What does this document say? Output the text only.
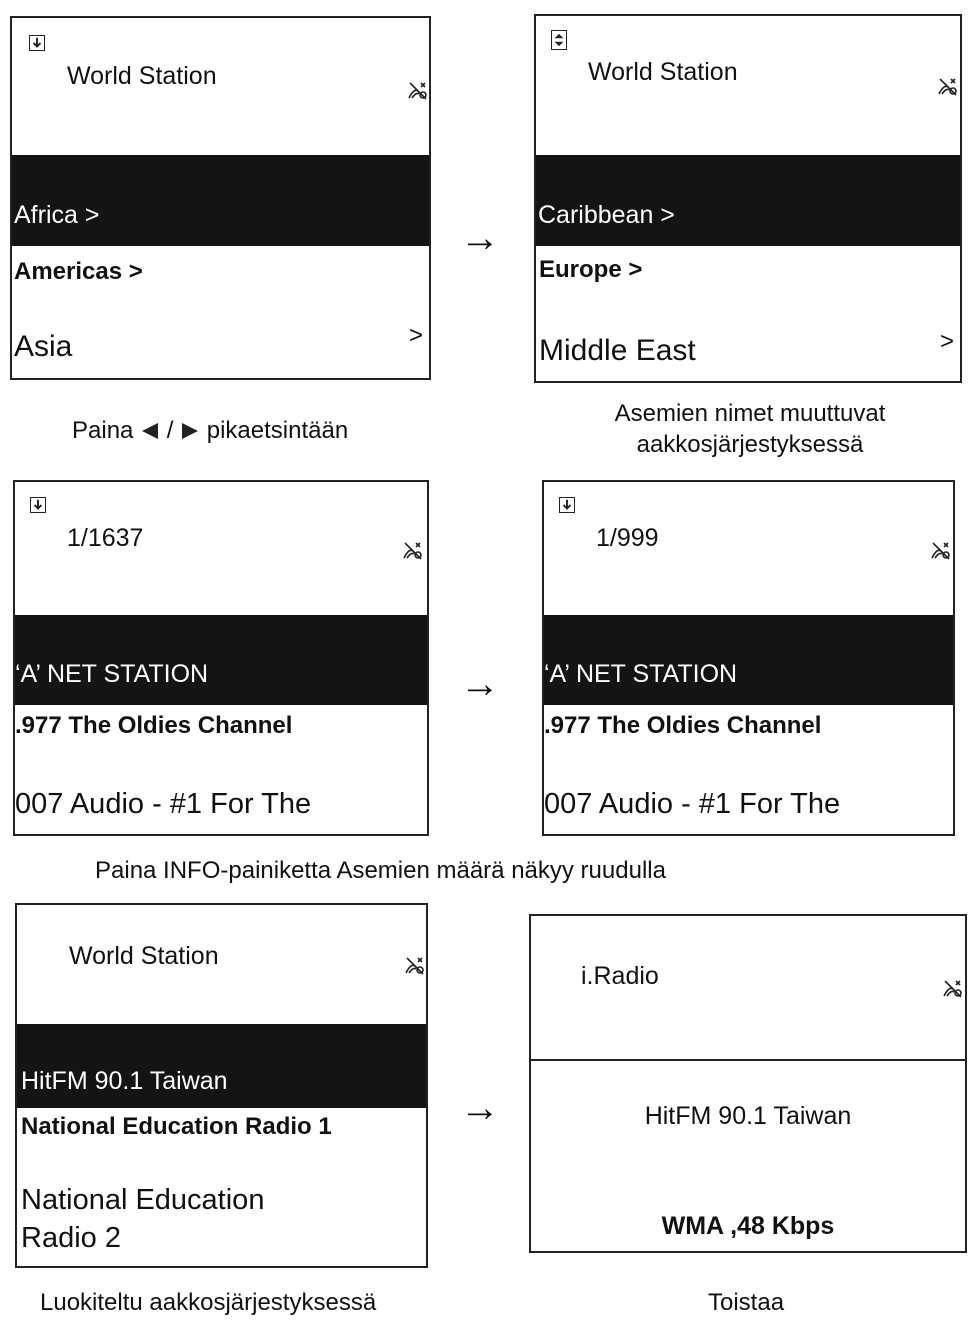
World Station
Africa >
Americas >
Asia	>
→
World Station
Caribbean >
Europe >
Middle East	>
Paina / pikaetsintään
Asemien nimet muuttuvat
aakkosjärjestyksessä
1/1637
‘A’ NET STATION
.977 The Oldies Channel
007 Audio - #1 For The
→
1/999
‘A’ NET STATION
.977 The Oldies Channel
007 Audio - #1 For The
Paina INFO-painiketta Asemien määrä näkyy ruudulla
World Station
HitFM 90.1 Taiwan
National Education Radio 1
National Education
Radio 2
→
i.Radio
HitFM 90.1 Taiwan
WMA ,48 Kbps
Luokiteltu aakkosjärjestyksessä	Toistaa
